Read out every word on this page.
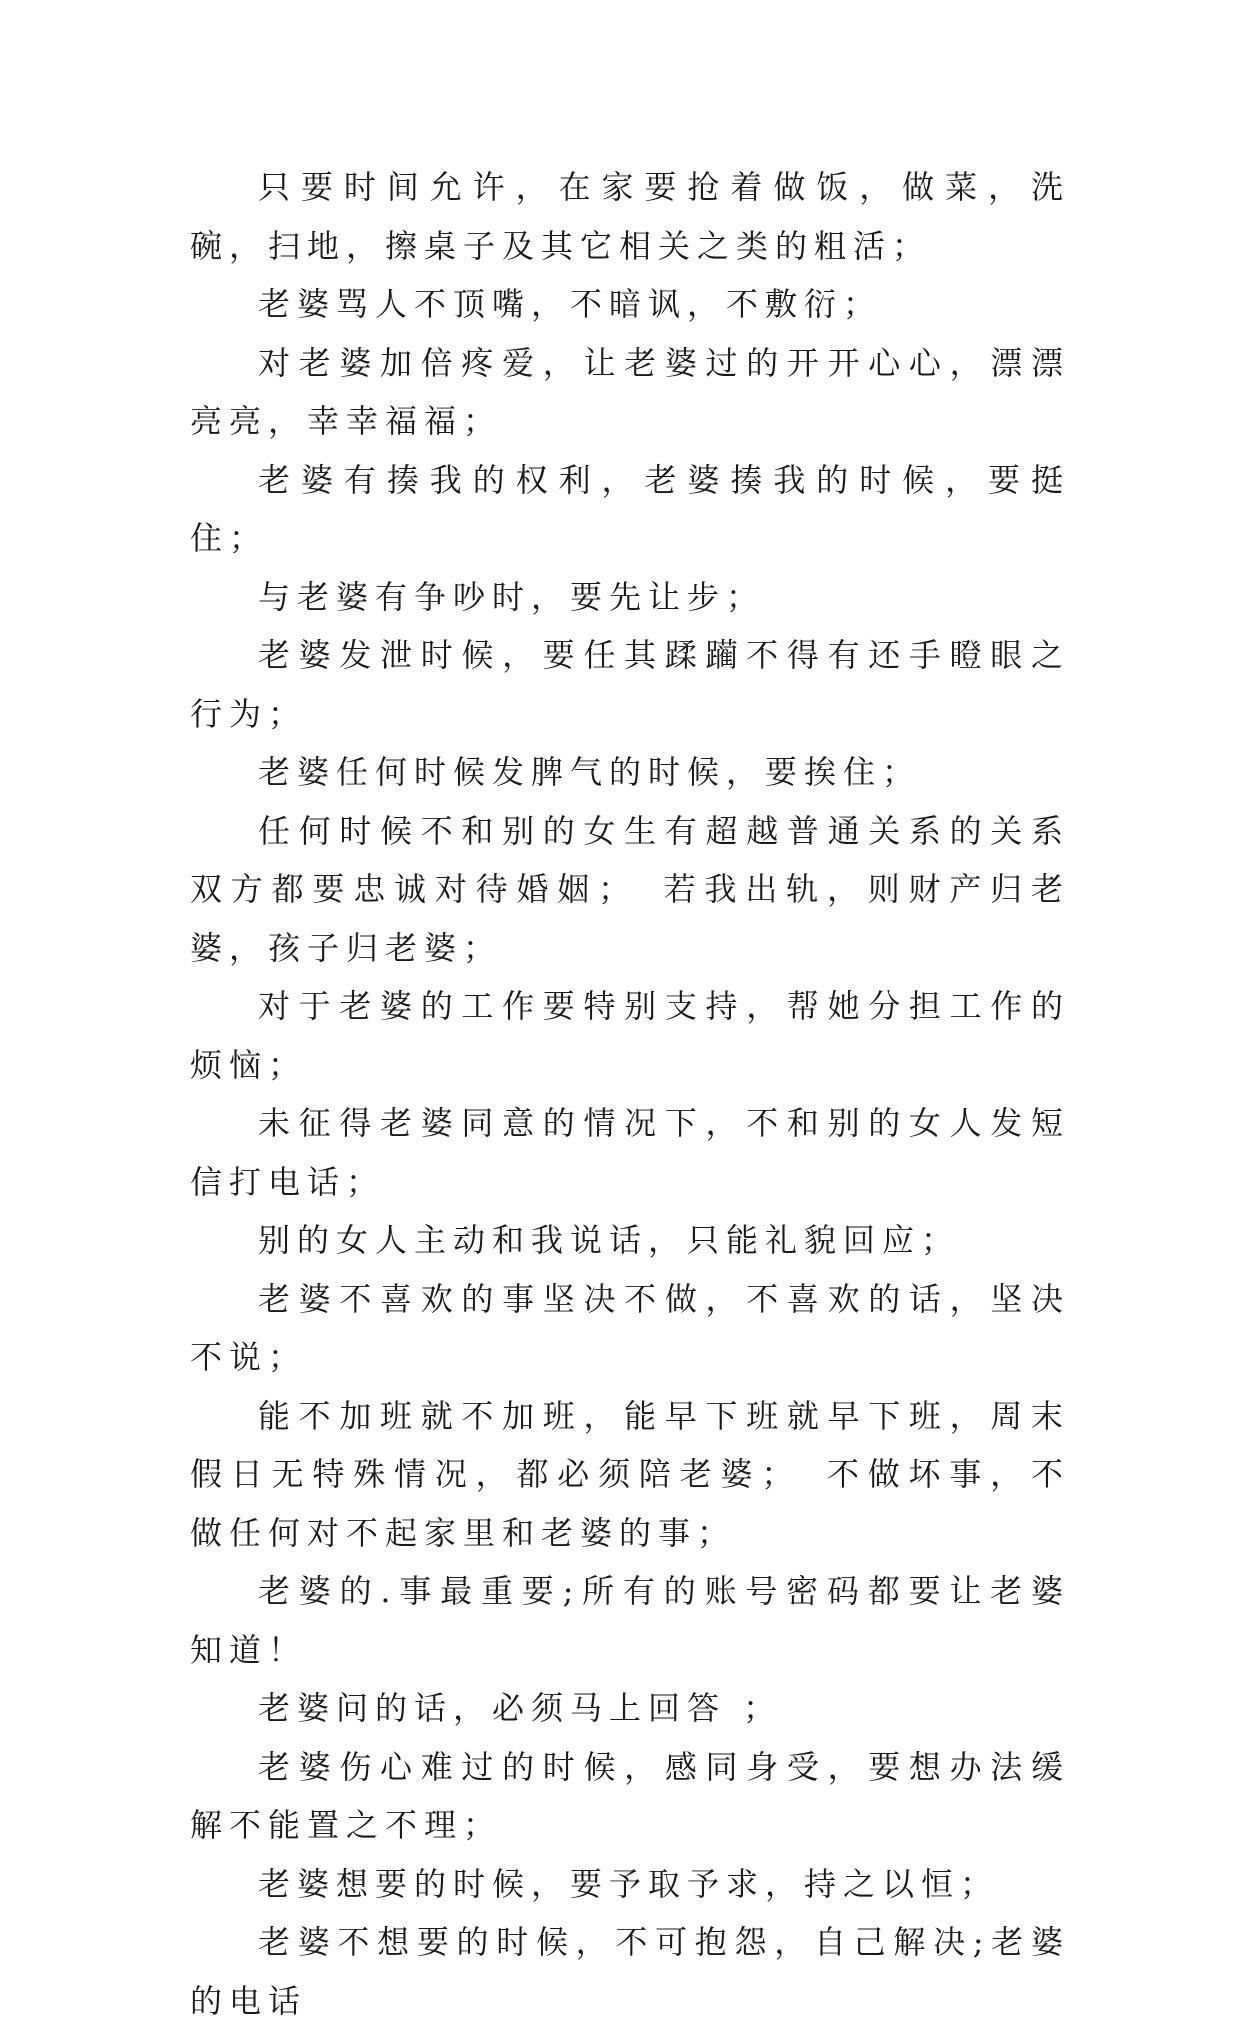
只要时间允许，在家要抢着做饭，做菜，洗碗，扫地，擦桌子及其它相关之类的粗活；

老婆骂人不顶嘴，不暗讽，不敷衍；

对老婆加倍疼爱，让老婆过的开开心心，漂漂亮亮，幸幸福福；

老婆有揍我的权利，老婆揍我的时候，要挺住；

与老婆有争吵时，要先让步；

老婆发泄时候，要任其蹂躏不得有还手瞪眼之行为；

老婆任何时候发脾气的时候，要挨住；

任何时候不和别的女生有超越普通关系的关系双方都要忠诚对待婚姻；　若我出轨，则财产归老婆，孩子归老婆；

对于老婆的工作要特别支持，帮她分担工作的烦恼；

未征得老婆同意的情况下，不和别的女人发短信打电话；

别的女人主动和我说话，只能礼貌回应；

老婆不喜欢的事坚决不做，不喜欢的话，坚决不说；

能不加班就不加班，能早下班就早下班，周末假日无特殊情况，都必须陪老婆；　不做坏事，不做任何对不起家里和老婆的事；

老婆的.事最重要;所有的账号密码都要让老婆知道！

老婆问的话，必须马上回答 ；

老婆伤心难过的时候，感同身受，要想办法缓解不能置之不理；

老婆想要的时候，要予取予求，持之以恒；

老婆不想要的时候，不可抱怨，自己解决;老婆的电话
